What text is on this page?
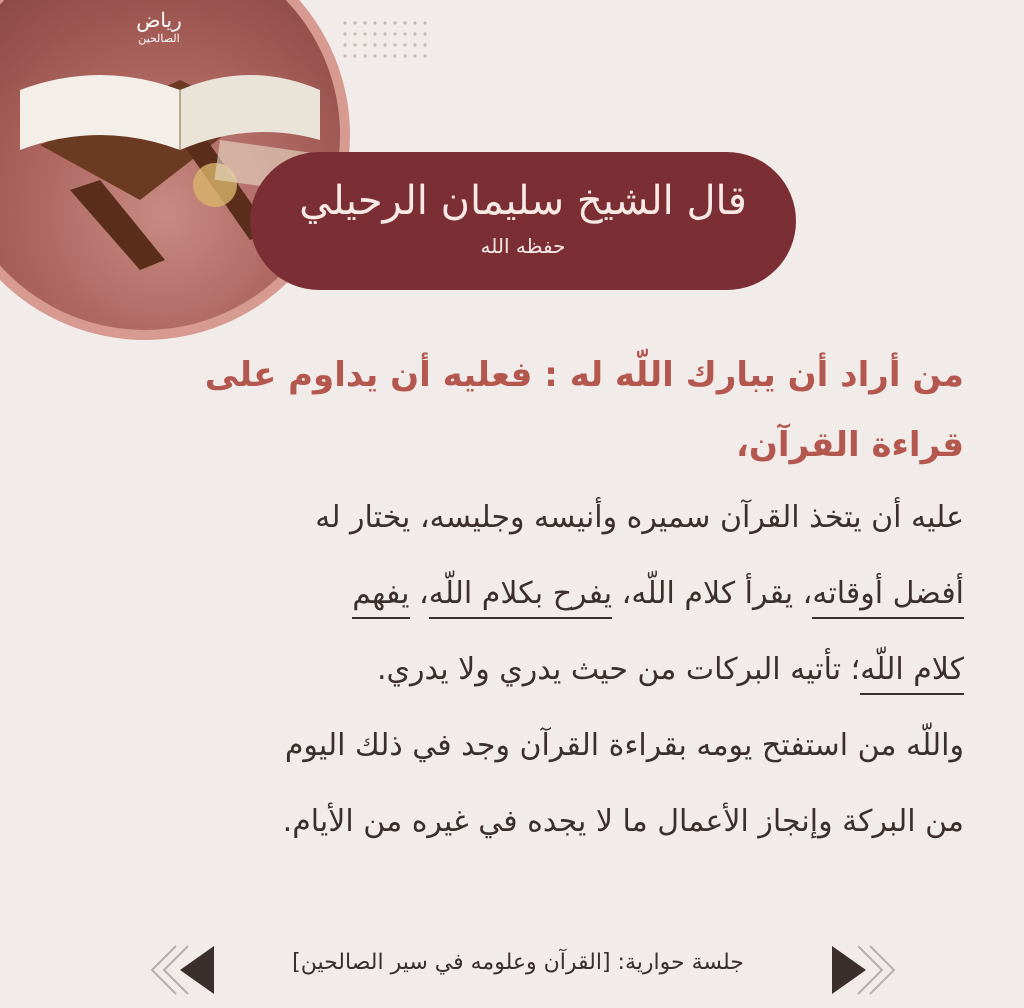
رياض
الصالحين
قال الشيخ سليمان الرحيلي
حفظه الله

من أراد أن يبارك اللّه له : فعليه أن يداوم على
قراءة القرآن،

عليه أن يتخذ القرآن سميره وأنيسه وجليسه، يختار له
أفضل أوقاته، يقرأ كلام اللّه، يفرح بكلام اللّه، يفهم
كلام اللّه؛ تأتيه البركات من حيث يدري ولا يدري.
واللّه من استفتح يومه بقراءة القرآن وجد في ذلك اليوم
من البركة وإنجاز الأعمال ما لا يجده في غيره من الأيام.

جلسة حوارية: [القرآن وعلومه في سير الصالحين]
